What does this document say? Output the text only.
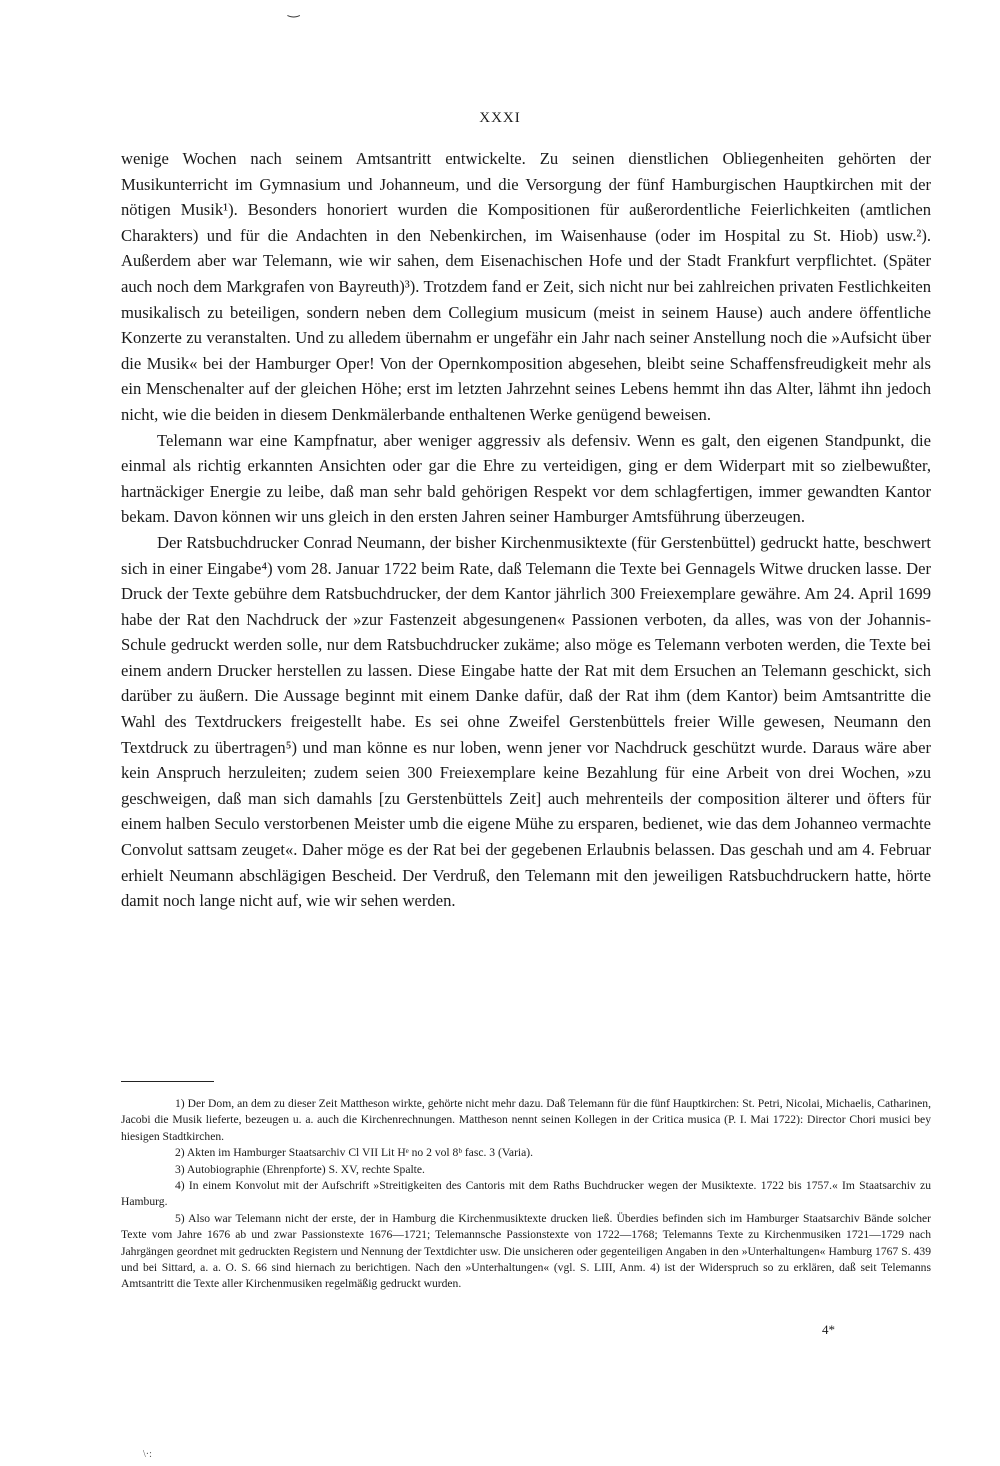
‿
XXXI

wenige Wochen nach seinem Amtsantritt entwickelte. Zu seinen dienstlichen Obliegenheiten gehörten der Musikunterricht im Gymnasium und Johanneum, und die Versorgung der fünf Hamburgischen Hauptkirchen mit der nötigen Musik¹). Besonders honoriert wurden die Kompositionen für außerordentliche Feierlichkeiten (amtlichen Charakters) und für die Andachten in den Nebenkirchen, im Waisenhause (oder im Hospital zu St. Hiob) usw.²). Außerdem aber war Telemann, wie wir sahen, dem Eisenachischen Hofe und der Stadt Frankfurt verpflichtet. (Später auch noch dem Markgrafen von Bayreuth)³). Trotzdem fand er Zeit, sich nicht nur bei zahlreichen privaten Festlichkeiten musikalisch zu beteiligen, sondern neben dem Collegium musicum (meist in seinem Hause) auch andere öffentliche Konzerte zu veranstalten. Und zu alledem übernahm er ungefähr ein Jahr nach seiner Anstellung noch die »Aufsicht über die Musik« bei der Hamburger Oper! Von der Opernkomposition abgesehen, bleibt seine Schaffensfreudigkeit mehr als ein Menschenalter auf der gleichen Höhe; erst im letzten Jahrzehnt seines Lebens hemmt ihn das Alter, lähmt ihn jedoch nicht, wie die beiden in diesem Denkmälerbande enthaltenen Werke genügend beweisen.

Telemann war eine Kampfnatur, aber weniger aggressiv als defensiv. Wenn es galt, den eigenen Standpunkt, die einmal als richtig erkannten Ansichten oder gar die Ehre zu verteidigen, ging er dem Widerpart mit so zielbewußter, hartnäckiger Energie zu leibe, daß man sehr bald gehörigen Respekt vor dem schlagfertigen, immer gewandten Kantor bekam. Davon können wir uns gleich in den ersten Jahren seiner Hamburger Amtsführung überzeugen.

Der Ratsbuchdrucker Conrad Neumann, der bisher Kirchenmusiktexte (für Gerstenbüttel) gedruckt hatte, beschwert sich in einer Eingabe⁴) vom 28. Januar 1722 beim Rate, daß Telemann die Texte bei Gennagels Witwe drucken lasse. Der Druck der Texte gebühre dem Ratsbuchdrucker, der dem Kantor jährlich 300 Freiexemplare gewähre. Am 24. April 1699 habe der Rat den Nachdruck der »zur Fastenzeit abgesungenen« Passionen verboten, da alles, was von der Johannis-Schule gedruckt werden solle, nur dem Ratsbuchdrucker zukäme; also möge es Telemann verboten werden, die Texte bei einem andern Drucker herstellen zu lassen. Diese Eingabe hatte der Rat mit dem Ersuchen an Telemann geschickt, sich darüber zu äußern. Die Aussage beginnt mit einem Danke dafür, daß der Rat ihm (dem Kantor) beim Amtsantritte die Wahl des Textdruckers freigestellt habe. Es sei ohne Zweifel Gerstenbüttels freier Wille gewesen, Neumann den Textdruck zu übertragen⁵) und man könne es nur loben, wenn jener vor Nachdruck geschützt wurde. Daraus wäre aber kein Anspruch herzuleiten; zudem seien 300 Freiexemplare keine Bezahlung für eine Arbeit von drei Wochen, »zu geschweigen, daß man sich damahls [zu Gerstenbüttels Zeit] auch mehrenteils der composition älterer und öfters für einem halben Seculo verstorbenen Meister umb die eigene Mühe zu ersparen, bedienet, wie das dem Johanneo vermachte Convolut sattsam zeuget«. Daher möge es der Rat bei der gegebenen Erlaubnis belassen. Das geschah und am 4. Februar erhielt Neumann abschlägigen Bescheid. Der Verdruß, den Telemann mit den jeweiligen Ratsbuchdruckern hatte, hörte damit noch lange nicht auf, wie wir sehen werden.

1) Der Dom, an dem zu dieser Zeit Mattheson wirkte, gehörte nicht mehr dazu. Daß Telemann für die fünf Hauptkirchen: St. Petri, Nicolai, Michaelis, Catharinen, Jacobi die Musik lieferte, bezeugen u. a. auch die Kirchenrechnungen. Mattheson nennt seinen Kollegen in der Critica musica (P. I. Mai 1722): Director Chori musici bey hiesigen Stadtkirchen.

2) Akten im Hamburger Staatsarchiv Cl VII Lit Hᵉ no 2 vol 8ᵇ fasc. 3 (Varia).

3) Autobiographie (Ehrenpforte) S. XV, rechte Spalte.

4) In einem Konvolut mit der Aufschrift »Streitigkeiten des Cantoris mit dem Raths Buchdrucker wegen der Musiktexte. 1722 bis 1757.« Im Staatsarchiv zu Hamburg.

5) Also war Telemann nicht der erste, der in Hamburg die Kirchenmusiktexte drucken ließ. Überdies befinden sich im Hamburger Staatsarchiv Bände solcher Texte vom Jahre 1676 ab und zwar Passionstexte 1676—1721; Telemannsche Passionstexte von 1722—1768; Telemanns Texte zu Kirchenmusiken 1721—1729 nach Jahrgängen geordnet mit gedruckten Registern und Nennung der Textdichter usw. Die unsicheren oder gegenteiligen Angaben in den »Unterhaltungen« Hamburg 1767 S. 439 und bei Sittard, a. a. O. S. 66 sind hiernach zu berichtigen. Nach den »Unterhaltungen« (vgl. S. LIII, Anm. 4) ist der Widerspruch so zu erklären, daß seit Telemanns Amtsantritt die Texte aller Kirchenmusiken regelmäßig gedruckt wurden.

4*
\·:
